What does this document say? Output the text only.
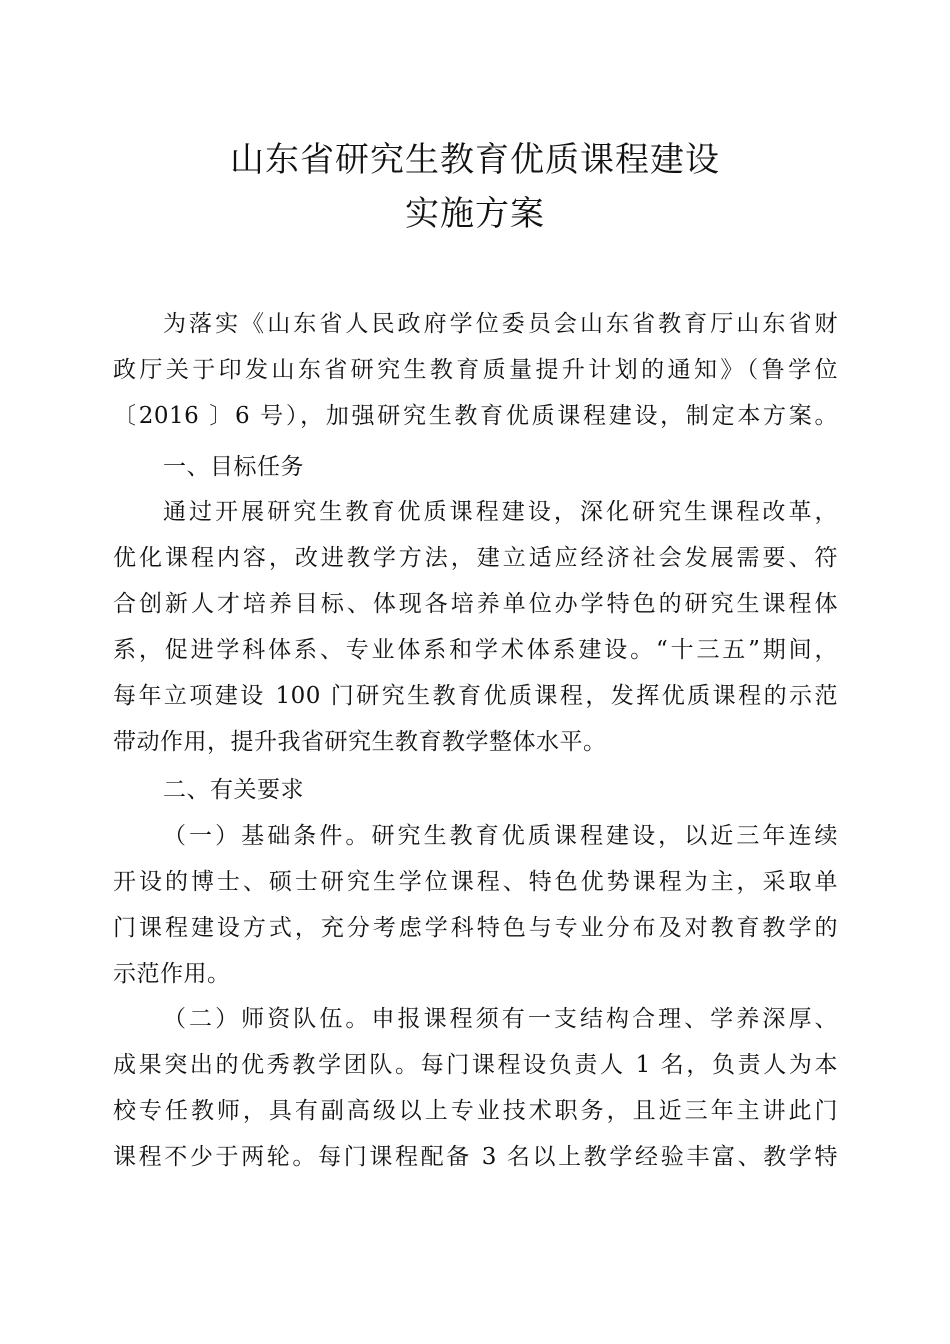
山东省研究生教育优质课程建设
实施方案
为落实《山东省人民政府学位委员会山东省教育厅山东省财
政厅关于印发山东省研究生教育质量提升计划的通知》（鲁学位
〔2016 〕6 号），加强研究生教育优质课程建设，制定本方案。
一、目标任务
通过开展研究生教育优质课程建设，深化研究生课程改革，
优化课程内容，改进教学方法，建立适应经济社会发展需要、符
合创新人才培养目标、体现各培养单位办学特色的研究生课程体
系，促进学科体系、专业体系和学术体系建设。“十三五”期间，
每年立项建设 100 门研究生教育优质课程，发挥优质课程的示范
带动作用，提升我省研究生教育教学整体水平。
二、有关要求
（一）基础条件。研究生教育优质课程建设，以近三年连续
开设的博士、硕士研究生学位课程、特色优势课程为主，采取单
门课程建设方式，充分考虑学科特色与专业分布及对教育教学的
示范作用。
（二）师资队伍。申报课程须有一支结构合理、学养深厚、
成果突出的优秀教学团队。每门课程设负责人 1 名，负责人为本
校专任教师，具有副高级以上专业技术职务，且近三年主讲此门
课程不少于两轮。每门课程配备 3 名以上教学经验丰富、教学特
